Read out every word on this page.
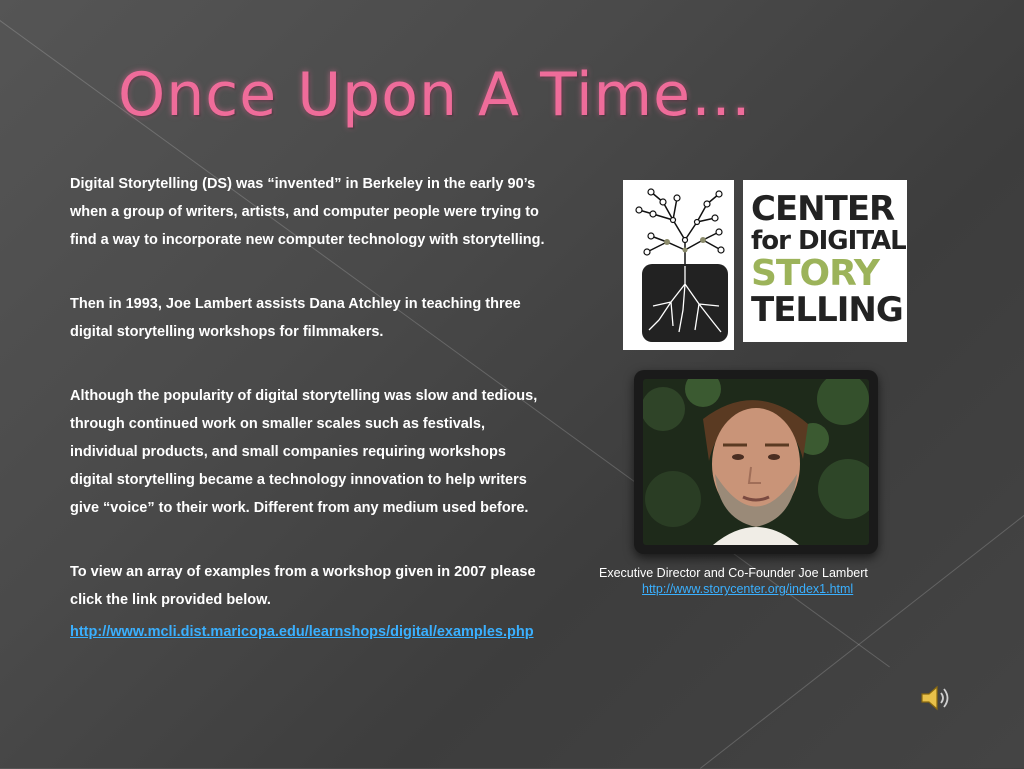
Once Upon A Time…

Digital Storytelling (DS) was “invented” in Berkeley in the early 90’s when a group of writers, artists, and computer people were trying to find a way to incorporate new computer technology with storytelling.

Then in 1993, Joe Lambert assists Dana Atchley in teaching three digital storytelling workshops for filmmakers.

Although the popularity of digital storytelling was slow and tedious, through continued work on smaller scales such as festivals, individual products, and small companies requiring workshops digital storytelling became a technology innovation to help writers give “voice” to their work. Different from any medium used before.

To view an array of examples from a workshop given in 2007 please click the link provided below.

http://www.mcli.dist.maricopa.edu/learnshops/digital/examples.php
CENTER
for DIGITAL
STORY
TELLING
Executive Director and Co-Founder Joe Lambert
http://www.storycenter.org/index1.html
